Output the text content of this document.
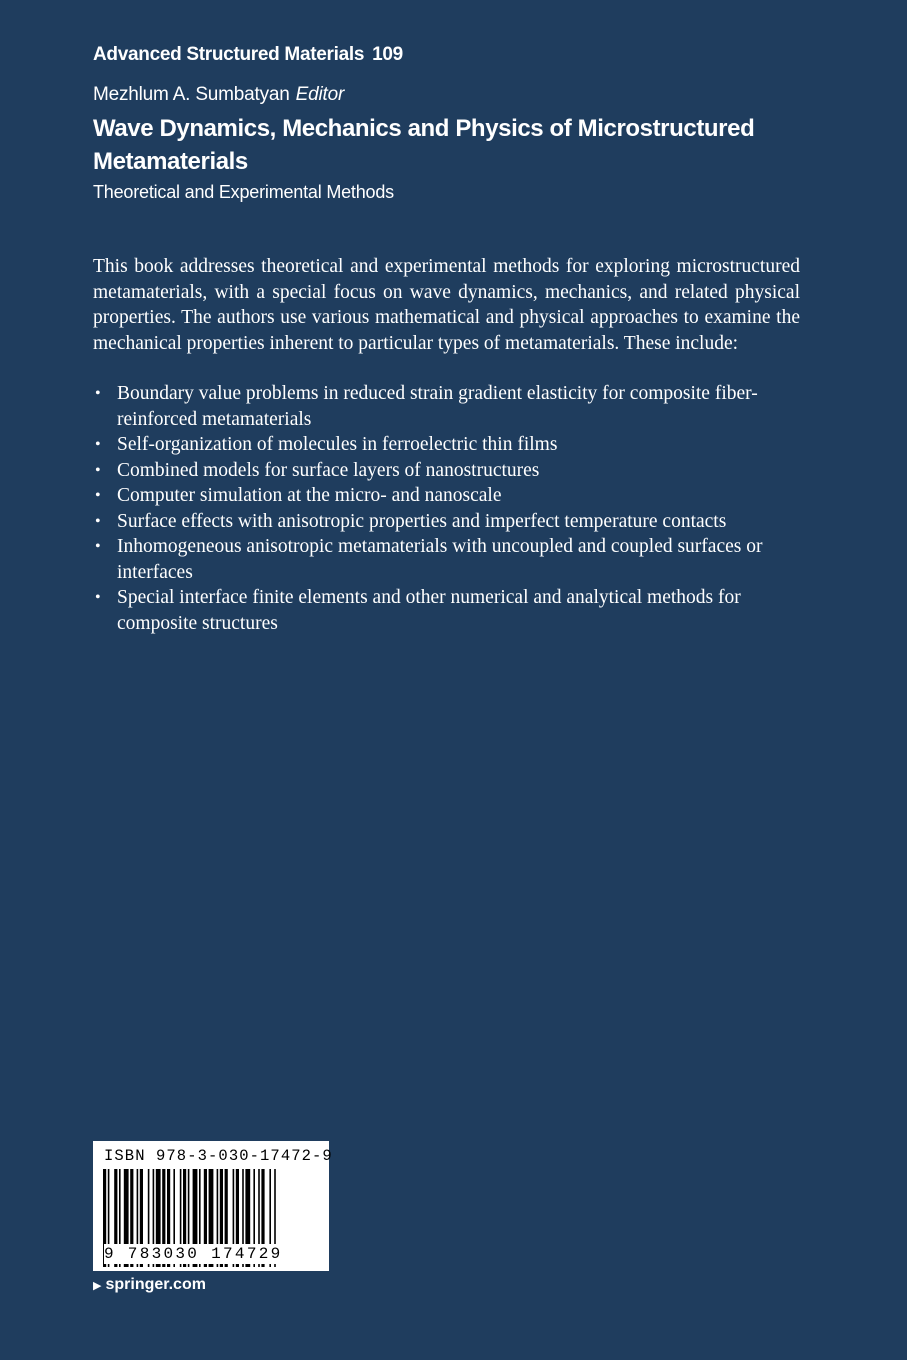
Advanced Structured Materials 109
Mezhlum A. Sumbatyan Editor
Wave Dynamics, Mechanics and Physics of Microstructured Metamaterials
Theoretical and Experimental Methods

This book addresses theoretical and experimental methods for exploring microstructured metamaterials, with a special focus on wave dynamics, mechanics, and related physical properties. The authors use various mathematical and physical approaches to examine the mechanical properties inherent to particular types of metamaterials. These include:

• Boundary value problems in reduced strain gradient elasticity for composite fiber-reinforced metamaterials
• Self-organization of molecules in ferroelectric thin films
• Combined models for surface layers of nanostructures
• Computer simulation at the micro- and nanoscale
• Surface effects with anisotropic properties and imperfect temperature contacts
• Inhomogeneous anisotropic metamaterials with uncoupled and coupled surfaces or interfaces
• Special interface finite elements and other numerical and analytical methods for composite structures
ISBN 978-3-030-17472-9
9 783030 174729
▶ springer.com
